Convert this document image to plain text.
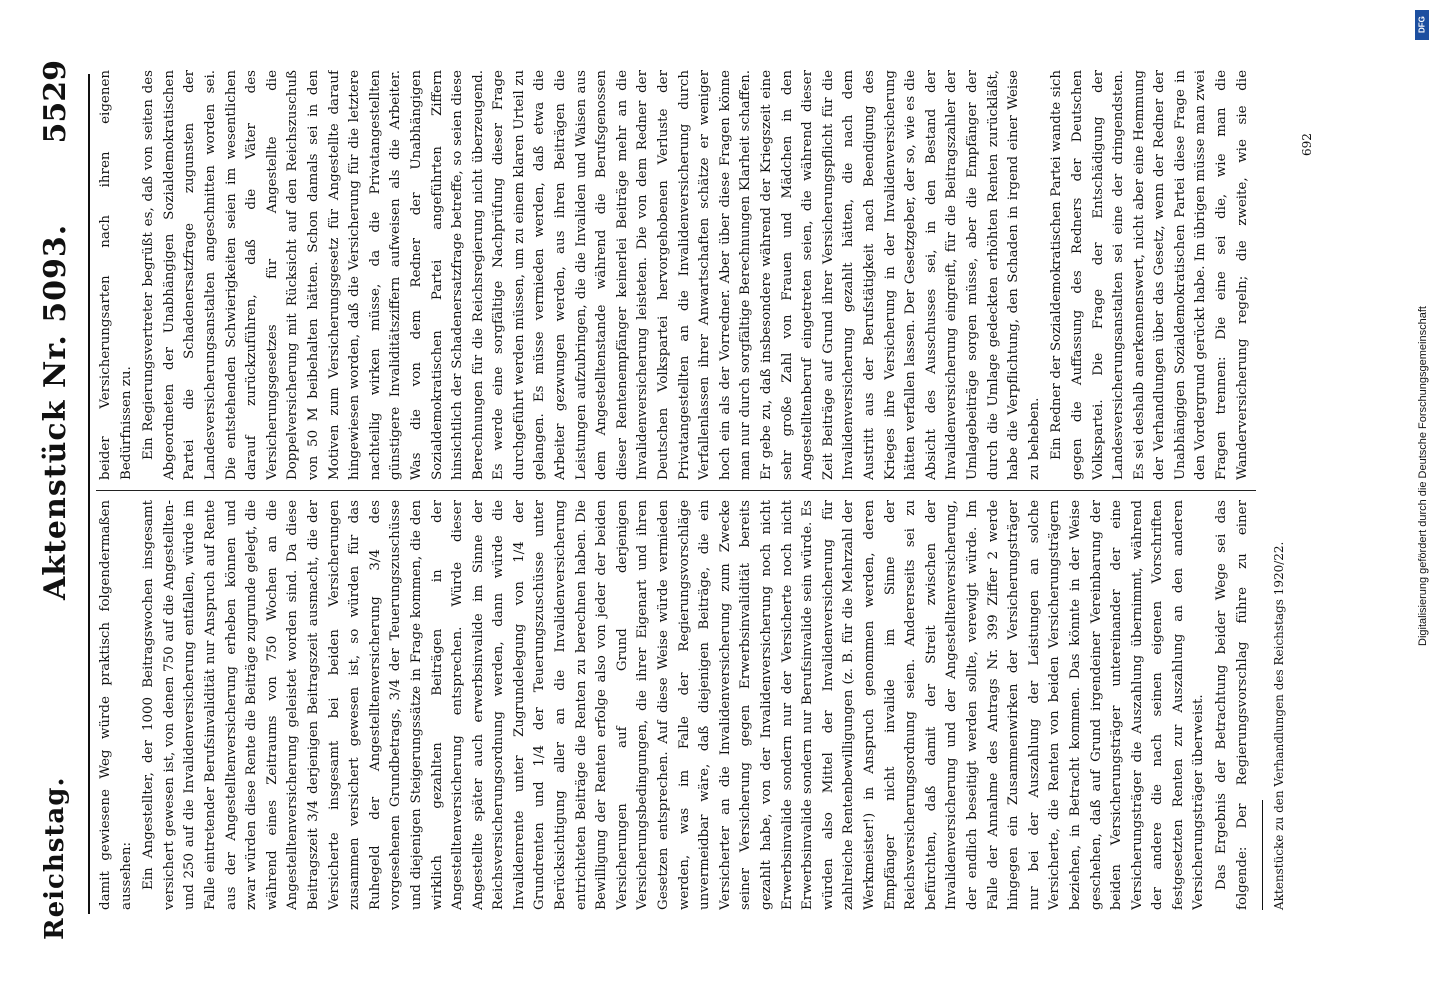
Reichstag.
Aktenstück Nr. 5093.
5529

damit gewiesene Weg würde praktisch folgendermaßen aussehen: Ein Angestellter, der 1000 Beitragswochen insgesamt versichert gewesen ist, von denen 750 auf die Angestellten- und 250 auf die Invalidenversicherung entfallen, würde im Falle eintretender Berufsinvalidität nur Anspruch auf Rente aus der Angestelltenversicherung erheben können und zwar würden diese Rente die Beiträge zugrunde gelegt, die während eines Zeitraums von 750 Wochen an die Angestelltenversicherung geleistet worden sind. Da diese Beitragszeit 3/4 derjenigen Beitragszeit ausmacht, die der Versicherte insgesamt bei beiden Versicherungen zusammen versichert gewesen ist, so würden für das Ruhegeld der Angestelltenversicherung 3/4 des vorgesehenen Grundbetrags, 3/4 der Teuerungszuschüsse und diejenigen Steigerungssätze in Frage kommen, die den wirklich gezahlten Beiträgen in der Angestelltenversicherung entsprechen. Würde dieser Angestellte später auch erwerbsinvalide im Sinne der Reichsversicherungsordnung werden, dann würde die Invalidenrente unter Zugrundelegung von 1/4 der Grundrenten und 1/4 der Teuerungszuschüsse unter Berücksichtigung aller an die Invalidenversicherung entrichteten Beiträge die Renten zu berechnen haben. Die Bewilligung der Renten erfolge also von jeder der beiden Versicherungen auf Grund derjenigen Versicherungsbedingungen, die ihrer Eigenart und ihren Gesetzen entsprechen. Auf diese Weise würde vermieden werden, was im Falle der Regierungsvorschläge unvermeidbar wäre, daß diejenigen Beiträge, die ein Versicherter an die Invalidenversicherung zum Zwecke seiner Versicherung gegen Erwerbsinvalidität bereits gezahlt habe, von der Invalidenversicherung noch nicht Erwerbsinvalide sondern nur der Versicherte noch nicht Erwerbsinvalide sondern nur Berufsinvalide sein würde. Es würden also Mittel der Invalidenversicherung für zahlreiche Rentenbewilligungen (z. B. für die Mehrzahl der Werkmeister!) in Anspruch genommen werden, deren Empfänger nicht invalide im Sinne der Reichsversicherungsordnung seien. Andererseits sei zu befürchten, daß damit der Streit zwischen der Invalidenversicherung und der Angestelltenversicherung, der endlich beseitigt werden sollte, verewigt würde. Im Falle der Annahme des Antrags Nr. 399 Ziffer 2 werde hingegen ein Zusammenwirken der Versicherungsträger nur bei der Auszahlung der Leistungen an solche Versicherte, die Renten von beiden Versicherungsträgern beziehen, in Betracht kommen. Das könnte in der Weise geschehen, daß auf Grund irgendeiner Vereinbarung der beiden Versicherungsträger untereinander der eine Versicherungsträger die Auszahlung übernimmt, während der andere die nach seinen eigenen Vorschriften festgesetzten Renten zur Auszahlung an den anderen Versicherungsträger überweist. Das Ergebnis der Betrachtung beider Wege sei das folgende: Der Regierungsvorschlag führe zu einer

beider Versicherungsarten nach ihren eigenen Bedürfnissen zu. Ein Regierungsvertreter begrüßt es, daß von seiten des Abgeordneten der Unabhängigen Sozialdemokratischen Partei die Schadenersatzfrage zugunsten der Landesversicherungsanstalten angeschnitten worden sei. Die entstehenden Schwierigkeiten seien im wesentlichen darauf zurückzuführen, daß die Väter des Versicherungsgesetzes für Angestellte die Doppelversicherung mit Rücksicht auf den Reichszuschuß von 50 M beibehalten hätten. Schon damals sei in den Motiven zum Versicherungsgesetz für Angestellte darauf hingewiesen worden, daß die Versicherung für die letztere nachteilig wirken müsse, da die Privatangestellten günstigere Invaliditätsziffern aufweisen als die Arbeiter. Was die von dem Redner der Unabhängigen Sozialdemokratischen Partei angeführten Ziffern hinsichtlich der Schadenersatzfrage betreffe, so seien diese Berechnungen für die Reichsregierung nicht überzeugend. Es werde eine sorgfältige Nachprüfung dieser Frage durchgeführt werden müssen, um zu einem klaren Urteil zu gelangen. Es müsse vermieden werden, daß etwa die Arbeiter gezwungen werden, aus ihren Beiträgen die Leistungen aufzubringen, die die Invaliden und Waisen aus dem Angestelltenstande während die Berufsgenossen dieser Rentenempfänger keinerlei Beiträge mehr an die Invalidenversicherung leisteten. Die von dem Redner der Deutschen Volkspartei hervorgehobenen Verluste der Privatangestellten an die Invalidenversicherung durch Verfallenlassen ihrer Anwartschaften schätze er weniger hoch ein als der Vorredner. Aber über diese Fragen könne man nur durch sorgfältige Berechnungen Klarheit schaffen. Er gebe zu, daß insbesondere während der Kriegszeit eine sehr große Zahl von Frauen und Mädchen in den Angestelltenberuf eingetreten seien, die während dieser Zeit Beiträge auf Grund ihrer Versicherungspflicht für die Invalidenversicherung gezahlt hätten, die nach dem Austritt aus der Berufstätigkeit nach Beendigung des Krieges ihre Versicherung in der Invalidenversicherung hätten verfallen lassen. Der Gesetzgeber, der so, wie es die Absicht des Ausschusses sei, in den Bestand der Invalidenversicherung eingreift, für die Beitragszahler der Umlagebeiträge sorgen müsse, aber die Empfänger der durch die Umlage gedeckten erhöhten Renten zurückläßt, habe die Verpflichtung, den Schaden in irgend einer Weise zu beheben. Ein Redner der Sozialdemokratischen Partei wandte sich gegen die Auffassung des Redners der Deutschen Volkspartei. Die Frage der Entschädigung der Landesversicherungsanstalten sei eine der dringendsten. Es sei deshalb anerkennenswert, nicht aber eine Hemmung der Verhandlungen über das Gesetz, wenn der Redner der Unabhängigen Sozialdemokratischen Partei diese Frage in den Vordergrund gerückt habe. Im übrigen müsse man zwei Fragen trennen: Die eine sei die, wie man die Wanderversicherung regeln; die zweite, wie sie die

Aktenstücke zu den Verhandlungen des Reichstags 1920/22.
692
DFG
Digitalisierung gefördert durch die Deutsche Forschungsgemeinschaft
